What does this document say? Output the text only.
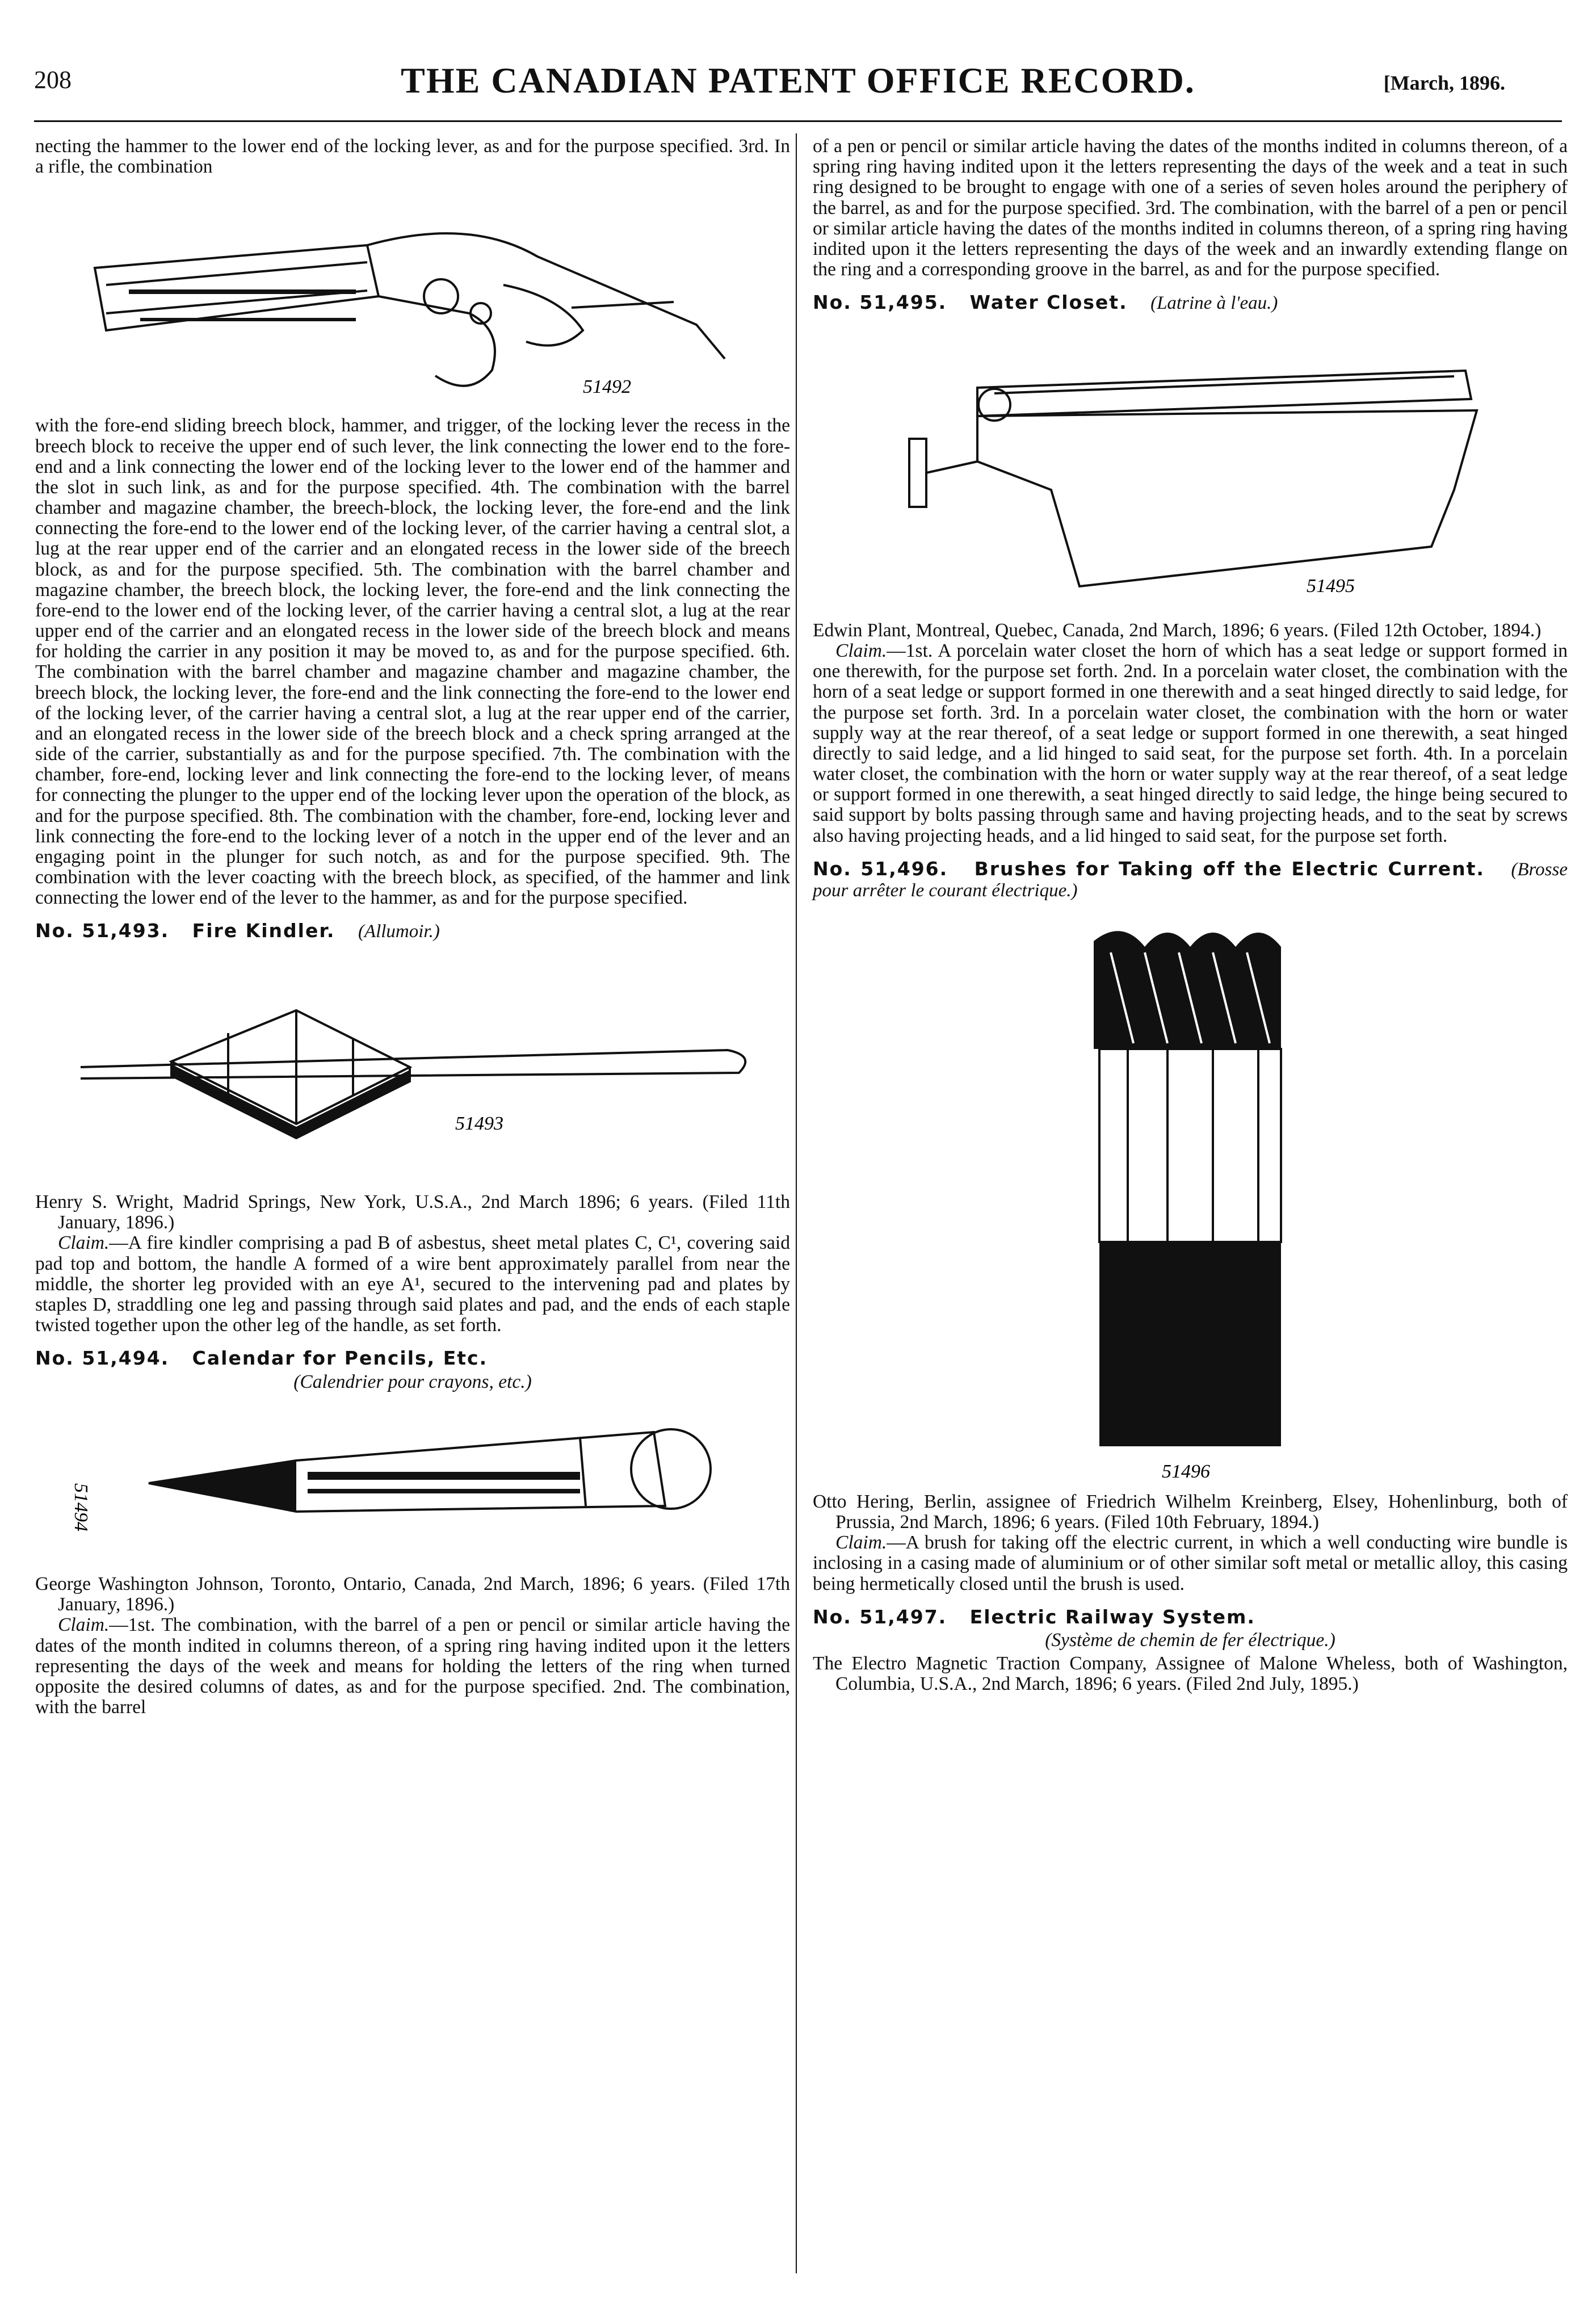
208	THE CANADIAN PATENT OFFICE RECORD.	[March, 1896.

necting the hammer to the lower end of the locking lever, as and for the purpose specified. 3rd. In a rifle, the combination

51492

with the fore-end sliding breech block, hammer, and trigger, of the locking lever the recess in the breech block to receive the upper end of such lever, the link connecting the lower end to the fore-end and a link connecting the lower end of the locking lever to the lower end of the hammer and the slot in such link, as and for the purpose specified. 4th. The combination with the barrel chamber and magazine chamber, the breech-block, the locking lever, the fore-end and the link connecting the fore-end to the lower end of the locking lever, of the carrier having a central slot, a lug at the rear upper end of the carrier and an elongated recess in the lower side of the breech block, as and for the purpose specified. 5th. The combination with the barrel chamber and magazine chamber, the breech block, the locking lever, the fore-end and the link connecting the fore-end to the lower end of the locking lever, of the carrier having a central slot, a lug at the rear upper end of the carrier and an elongated recess in the lower side of the breech block and means for holding the carrier in any position it may be moved to, as and for the purpose specified. 6th. The combination with the barrel chamber and magazine chamber and magazine chamber, the breech block, the locking lever, the fore-end and the link connecting the fore-end to the lower end of the locking lever, of the carrier having a central slot, a lug at the rear upper end of the carrier, and an elongated recess in the lower side of the breech block and a check spring arranged at the side of the carrier, substantially as and for the purpose specified. 7th. The combination with the chamber, fore-end, locking lever and link connecting the fore-end to the locking lever, of means for connecting the plunger to the upper end of the locking lever upon the operation of the block, as and for the purpose specified. 8th. The combination with the chamber, fore-end, locking lever and link connecting the fore-end to the locking lever of a notch in the upper end of the lever and an engaging point in the plunger for such notch, as and for the purpose specified. 9th. The combination with the lever coacting with the breech block, as specified, of the hammer and link connecting the lower end of the lever to the hammer, as and for the purpose specified.

No. 51,493. Fire Kindler. (Allumoir.)

51493

Henry S. Wright, Madrid Springs, New York, U.S.A., 2nd March 1896; 6 years. (Filed 11th January, 1896.)

Claim.—A fire kindler comprising a pad B of asbestus, sheet metal plates C, C¹, covering said pad top and bottom, the handle A formed of a wire bent approximately parallel from near the middle, the shorter leg provided with an eye A¹, secured to the intervening pad and plates by staples D, straddling one leg and passing through said plates and pad, and the ends of each staple twisted together upon the other leg of the handle, as set forth.

No. 51,494. Calendar for Pencils, Etc.

(Calendrier pour crayons, etc.)

51494

George Washington Johnson, Toronto, Ontario, Canada, 2nd March, 1896; 6 years. (Filed 17th January, 1896.)

Claim.—1st. The combination, with the barrel of a pen or pencil or similar article having the dates of the month indited in columns thereon, of a spring ring having indited upon it the letters representing the days of the week and means for holding the letters of the ring when turned opposite the desired columns of dates, as and for the purpose specified. 2nd. The combination, with the barrel

of a pen or pencil or similar article having the dates of the months indited in columns thereon, of a spring ring having indited upon it the letters representing the days of the week and a teat in such ring designed to be brought to engage with one of a series of seven holes around the periphery of the barrel, as and for the purpose specified. 3rd. The combination, with the barrel of a pen or pencil or similar article having the dates of the months indited in columns thereon, of a spring ring having indited upon it the letters representing the days of the week and an inwardly extending flange on the ring and a corresponding groove in the barrel, as and for the purpose specified.

No. 51,495. Water Closet. (Latrine à l'eau.)

51495

Edwin Plant, Montreal, Quebec, Canada, 2nd March, 1896; 6 years. (Filed 12th October, 1894.)

Claim.—1st. A porcelain water closet the horn of which has a seat ledge or support formed in one therewith, for the purpose set forth. 2nd. In a porcelain water closet, the combination with the horn of a seat ledge or support formed in one therewith and a seat hinged directly to said ledge, for the purpose set forth. 3rd. In a porcelain water closet, the combination with the horn or water supply way at the rear thereof, of a seat ledge or support formed in one therewith, a seat hinged directly to said ledge, and a lid hinged to said seat, for the purpose set forth. 4th. In a porcelain water closet, the combination with the horn or water supply way at the rear thereof, of a seat ledge or support formed in one therewith, a seat hinged directly to said ledge, the hinge being secured to said support by bolts passing through same and having projecting heads, and to the seat by screws also having projecting heads, and a lid hinged to said seat, for the purpose set forth.

No. 51,496. Brushes for Taking off the Electric Current. (Brosse pour arrêter le courant électrique.)

51496

Otto Hering, Berlin, assignee of Friedrich Wilhelm Kreinberg, Elsey, Hohenlinburg, both of Prussia, 2nd March, 1896; 6 years. (Filed 10th February, 1894.)

Claim.—A brush for taking off the electric current, in which a well conducting wire bundle is inclosing in a casing made of aluminium or of other similar soft metal or metallic alloy, this casing being hermetically closed until the brush is used.

No. 51,497. Electric Railway System.

(Système de chemin de fer électrique.)

The Electro Magnetic Traction Company, Assignee of Malone Wheless, both of Washington, Columbia, U.S.A., 2nd March, 1896; 6 years. (Filed 2nd July, 1895.)
